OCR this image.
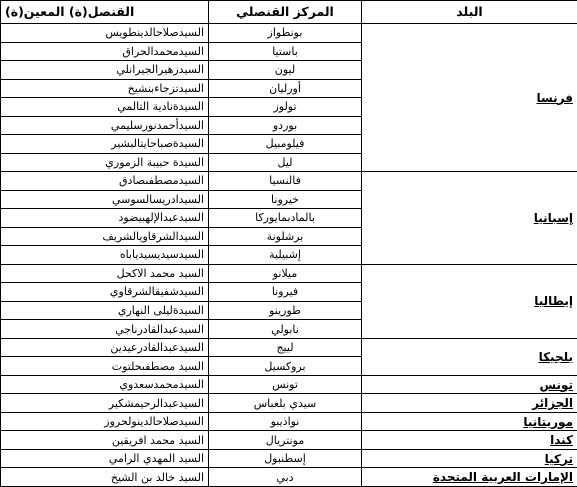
القنصل(ة) المعين(ة)	المركز القنصلي	البلد
السيدصلاحالدينطويس	بونطواز	فرنسا
السيدمحمدالحراق	باستيا	
السيدزهيرالجيرانلي	ليون	
السيدتزجاءبنشيخ	أورليان	
السيدةنادية التالمي	تولوز	
السيدأحمدنورسليمي	بوردو	
السيدةصباحايتالبشير	فيلومبيل	
السيدة حبيبة الزموري	ليل	
السيدمصطفىصادق	فالنسيا	إسبانيا
السيدادريسالسوسي	خيرونا	
السيدعبدالإلهبيضود	بالمادبمايوركا	
السيدالشرقاويالشريف	برشلونة	
السيدسيديسيدياباه	إشبيلية	
السيد محمد الاكحل	ميلانو	إيطاليا
السيدشفيقالشرقاوي	فيرونا	
السيدةليلى النهاري	طورينو	
السيدعبدالقادرناجي	نابولي	
السيدعبدالقادرعيدين	لييج	بلجيكا
السيد مصطفىحلتوت	بروكسيل	
السيدمحمدسعدوي	تونس	تونس
السيدعبدالرحيمشكير	سيدي بلعباس	الجزائر
السيدصلاحالدينولحروز	نواذيبو	موريتانيا
السيد محمد افريقين	مونتريال	كندا
السيد المهدي الرامي	إسطنبول	تركيا
السيد خالد بن الشيخ	دبي	الإمارات العربية المتحدة
